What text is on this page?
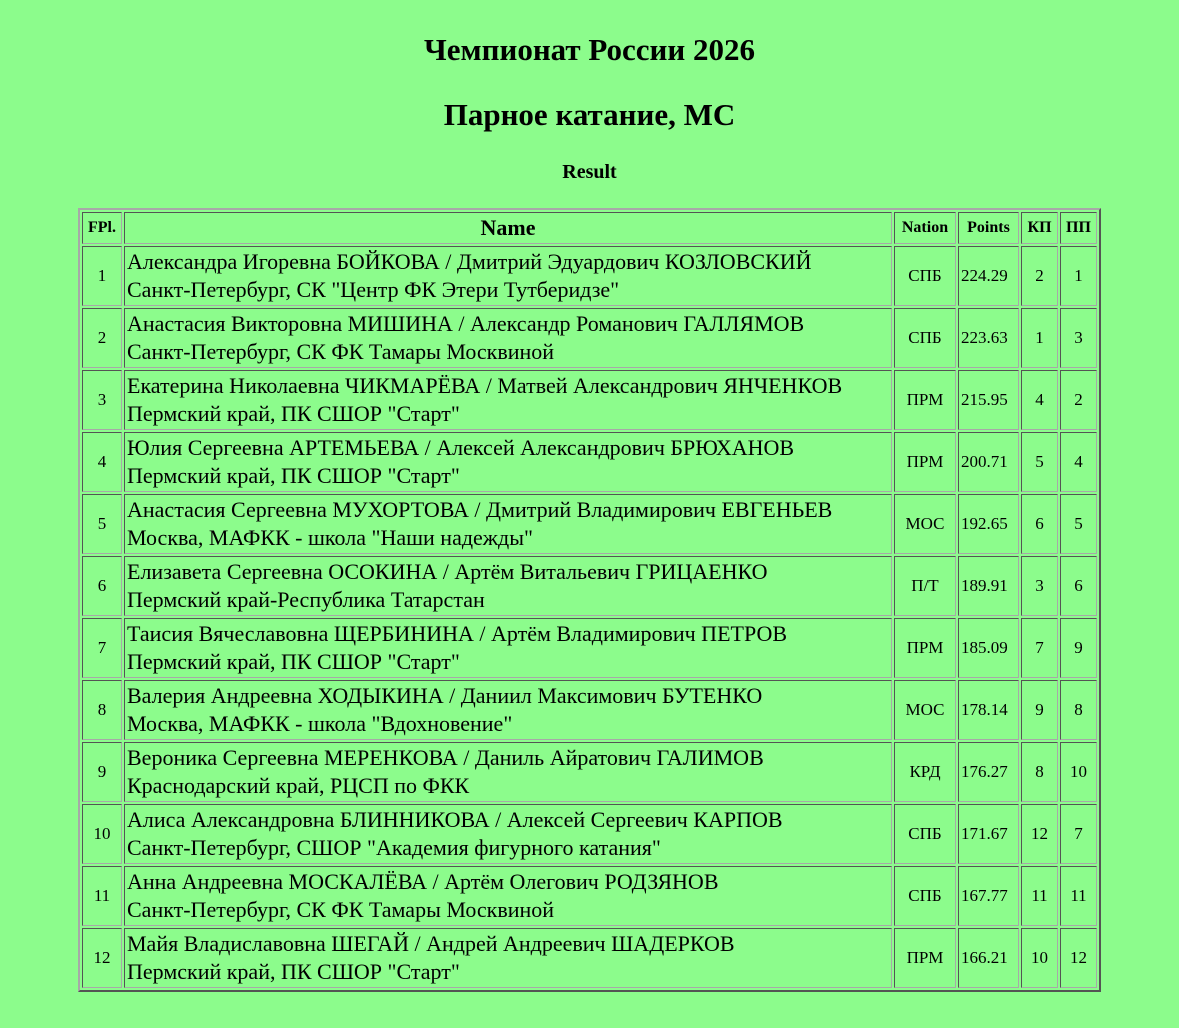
Чемпионат России 2026
Парное катание, МС
Result
FPl.	Name	Nation	Points	КП	ПП
1	Александра Игоревна БОЙКОВА / Дмитрий Эдуардович КОЗЛОВСКИЙ
Санкт-Петербург, СК "Центр ФК Этери Тутберидзе"	СПБ	224.29	2	1
2	Анастасия Викторовна МИШИНА / Александр Романович ГАЛЛЯМОВ
Санкт-Петербург, СК ФК Тамары Москвиной	СПБ	223.63	1	3
3	Екатерина Николаевна ЧИКМАРЁВА / Матвей Александрович ЯНЧЕНКОВ
Пермский край, ПК СШОР "Старт"	ПРМ	215.95	4	2
4	Юлия Сергеевна АРТЕМЬЕВА / Алексей Александрович БРЮХАНОВ
Пермский край, ПК СШОР "Старт"	ПРМ	200.71	5	4
5	Анастасия Сергеевна МУХОРТОВА / Дмитрий Владимирович ЕВГЕНЬЕВ
Москва, МАФКК - школа "Наши надежды"	МОС	192.65	6	5
6	Елизавета Сергеевна ОСОКИНА / Артём Витальевич ГРИЦАЕНКО
Пермский край-Республика Татарстан	П/Т	189.91	3	6
7	Таисия Вячеславовна ЩЕРБИНИНА / Артём Владимирович ПЕТРОВ
Пермский край, ПК СШОР "Старт"	ПРМ	185.09	7	9
8	Валерия Андреевна ХОДЫКИНА / Даниил Максимович БУТЕНКО
Москва, МАФКК - школа "Вдохновение"	МОС	178.14	9	8
9	Вероника Сергеевна МЕРЕНКОВА / Даниль Айратович ГАЛИМОВ
Краснодарский край, РЦСП по ФКК	КРД	176.27	8	10
10	Алиса Александровна БЛИННИКОВА / Алексей Сергеевич КАРПОВ
Санкт-Петербург, СШОР "Академия фигурного катания"	СПБ	171.67	12	7
11	Анна Андреевна МОСКАЛЁВА / Артём Олегович РОДЗЯНОВ
Санкт-Петербург, СК ФК Тамары Москвиной	СПБ	167.77	11	11
12	Майя Владиславовна ШЕГАЙ / Андрей Андреевич ШАДЕРКОВ
Пермский край, ПК СШОР "Старт"	ПРМ	166.21	10	12
